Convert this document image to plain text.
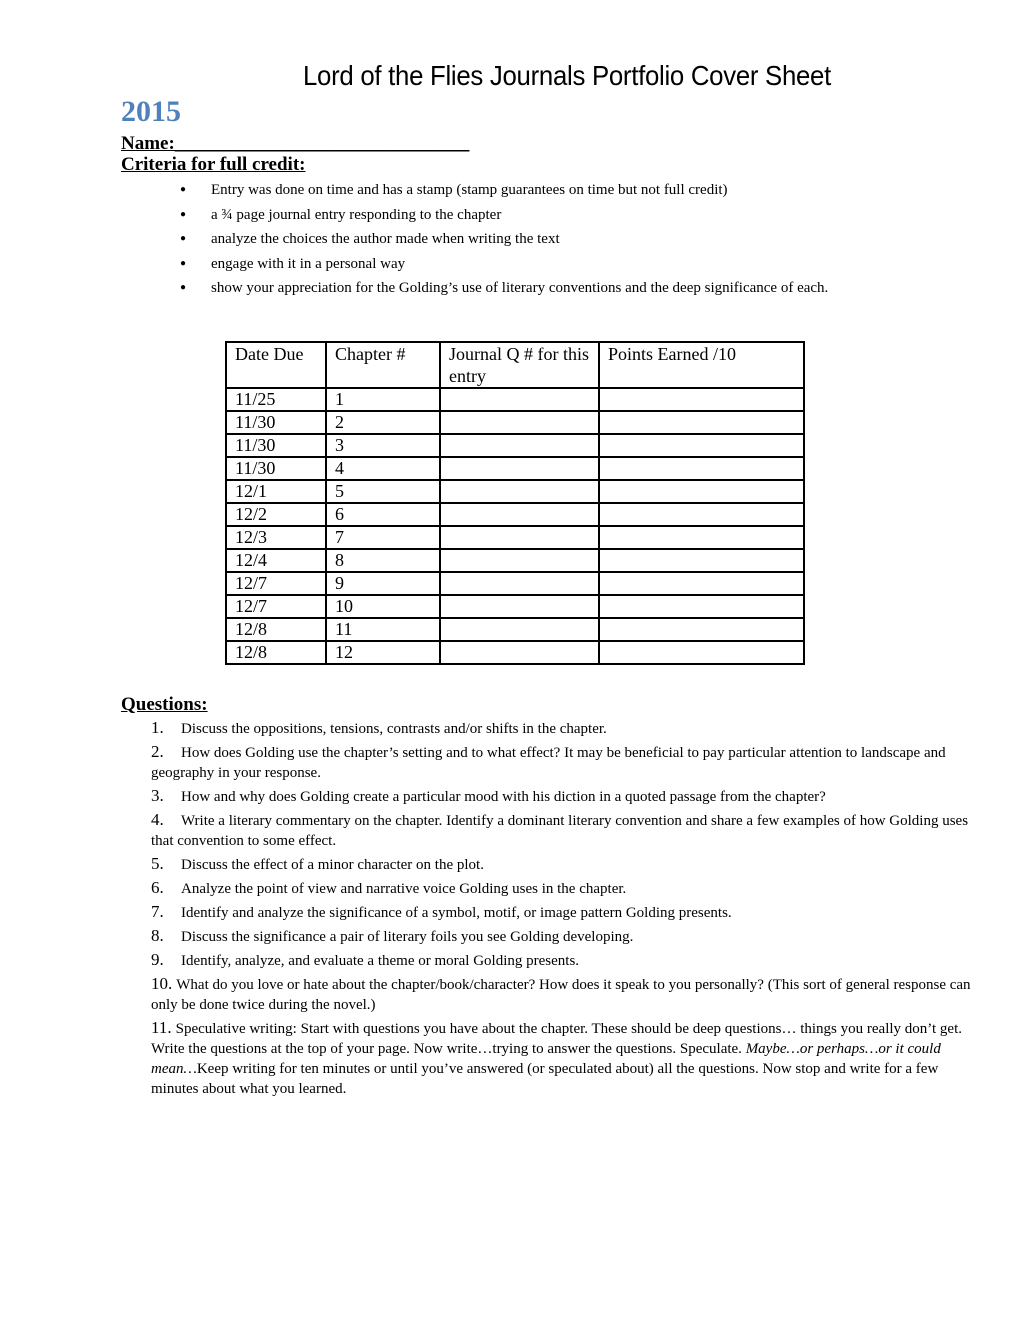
Lord of the Flies Journals Portfolio Cover Sheet
2015
Name:_______________________________
Criteria for full credit:
● Entry was done on time and has a stamp (stamp guarantees on time but not full credit)
● a ¾ page journal entry responding to the chapter
● analyze the choices the author made when writing the text
● engage with it in a personal way
● show your appreciation for the Golding’s use of literary conventions and the deep significance of each.
Date Due	Chapter #	Journal Q # for this entry	Points Earned /10
11/25	1		
11/30	2		
11/30	3		
11/30	4		
12/1	5		
12/2	6		
12/3	7		
12/4	8		
12/7	9		
12/7	10		
12/8	11		
12/8	12		
Questions:
1. Discuss the oppositions, tensions, contrasts and/or shifts in the chapter.
2. How does Golding use the chapter’s setting and to what effect? It may be beneficial to pay particular attention to landscape and geography in your response.
3. How and why does Golding create a particular mood with his diction in a quoted passage from the chapter?
4. Write a literary commentary on the chapter. Identify a dominant literary convention and share a few examples of how Golding uses that convention to some effect.
5. Discuss the effect of a minor character on the plot.
6. Analyze the point of view and narrative voice Golding uses in the chapter.
7. Identify and analyze the significance of a symbol, motif, or image pattern Golding presents.
8. Discuss the significance a pair of literary foils you see Golding developing.
9. Identify, analyze, and evaluate a theme or moral Golding presents.
10. What do you love or hate about the chapter/book/character? How does it speak to you personally? (This sort of general response can only be done twice during the novel.)
11. Speculative writing: Start with questions you have about the chapter. These should be deep questions… things you really don’t get. Write the questions at the top of your page. Now write…trying to answer the questions. Speculate. Maybe…or perhaps…or it could mean…Keep writing for ten minutes or until you’ve answered (or speculated about) all the questions. Now stop and write for a few minutes about what you learned.
